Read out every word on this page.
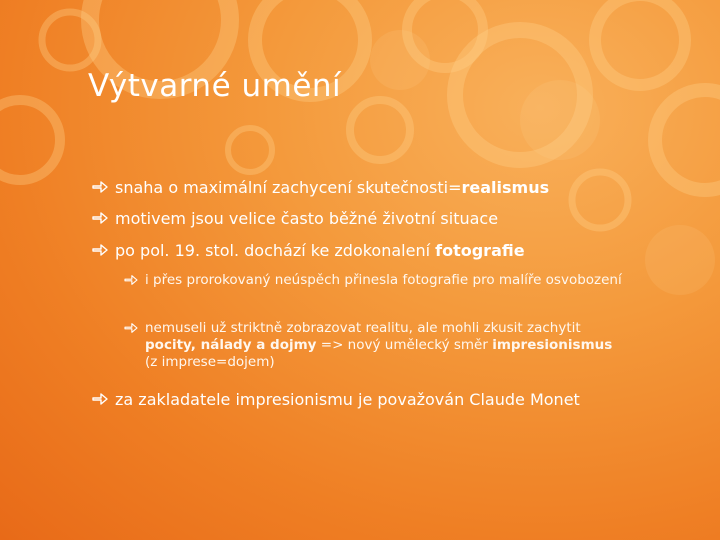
Výtvarné umění
snaha o maximální zachycení skutečnosti=realismus
motivem jsou velice často běžné životní situace
po pol. 19. stol. dochází ke zdokonalení fotografie
i přes prorokovaný neúspěch přinesla fotografie pro malíře osvobození
nemuseli už striktně zobrazovat realitu, ale mohli zkusit zachytit pocity, nálady a dojmy => nový umělecký směr impresionismus (z imprese=dojem)
za zakladatele impresionismu je považován Claude Monet
